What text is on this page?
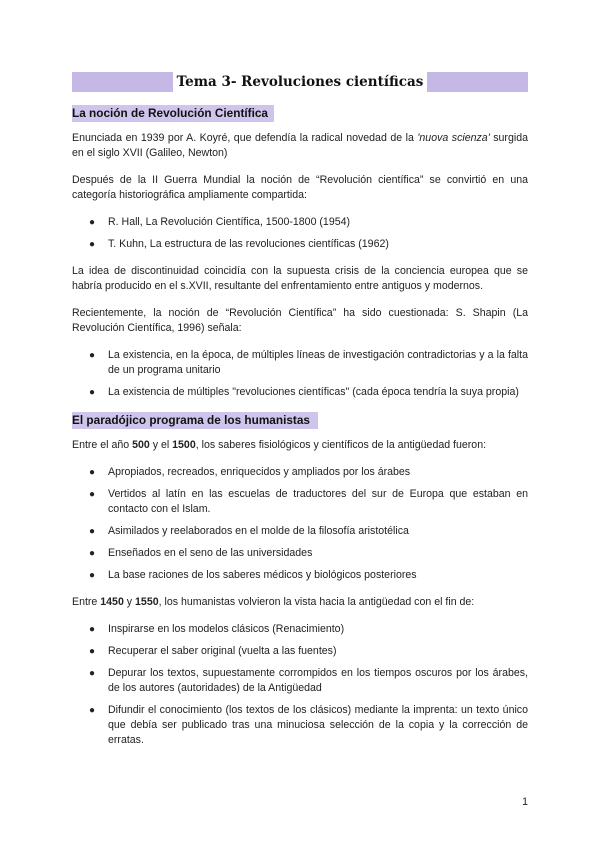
Tema 3- Revoluciones científicas
La noción de Revolución Científica

Enunciada en 1939 por A. Koyré, que defendía la radical novedad de la 'nuova scienza' surgida en el siglo XVII (Galileo, Newton)

Después de la II Guerra Mundial la noción de “Revolución científica” se convirtió en una categoría historiográfica ampliamente compartida:

● R. Hall, La Revolución Científica, 1500-1800 (1954)
● T. Kuhn, La estructura de las revoluciones científicas (1962)

La idea de discontinuidad coincidía con la supuesta crisis de la conciencia europea que se habría producido en el s.XVII, resultante del enfrentamiento entre antiguos y modernos.

Recientemente, la noción de “Revolución Científica” ha sido cuestionada: S. Shapin (La Revolución Científica, 1996) señala:

● La existencia, en la época, de múltiples líneas de investigación contradictorias y a la falta de un programa unitario
● La existencia de múltiples "revoluciones científicas" (cada época tendría la suya propia)
El paradójico programa de los humanistas

Entre el año 500 y el 1500, los saberes fisiológicos y científicos de la antigüedad fueron:

● Apropiados, recreados, enriquecidos y ampliados por los árabes
● Vertidos al latín en las escuelas de traductores del sur de Europa que estaban en contacto con el Islam.
● Asimilados y reelaborados en el molde de la filosofía aristotélica
● Enseñados en el seno de las universidades
● La base raciones de los saberes médicos y biológicos posteriores

Entre 1450 y 1550, los humanistas volvieron la vista hacia la antigüedad con el fin de:

● Inspirarse en los modelos clásicos (Renacimiento)
● Recuperar el saber original (vuelta a las fuentes)
● Depurar los textos, supuestamente corrompidos en los tiempos oscuros por los árabes, de los autores (autoridades) de la Antigüedad
● Difundir el conocimiento (los textos de los clásicos) mediante la imprenta: un texto único que debía ser publicado tras una minuciosa selección de la copia y la corrección de erratas.
1
